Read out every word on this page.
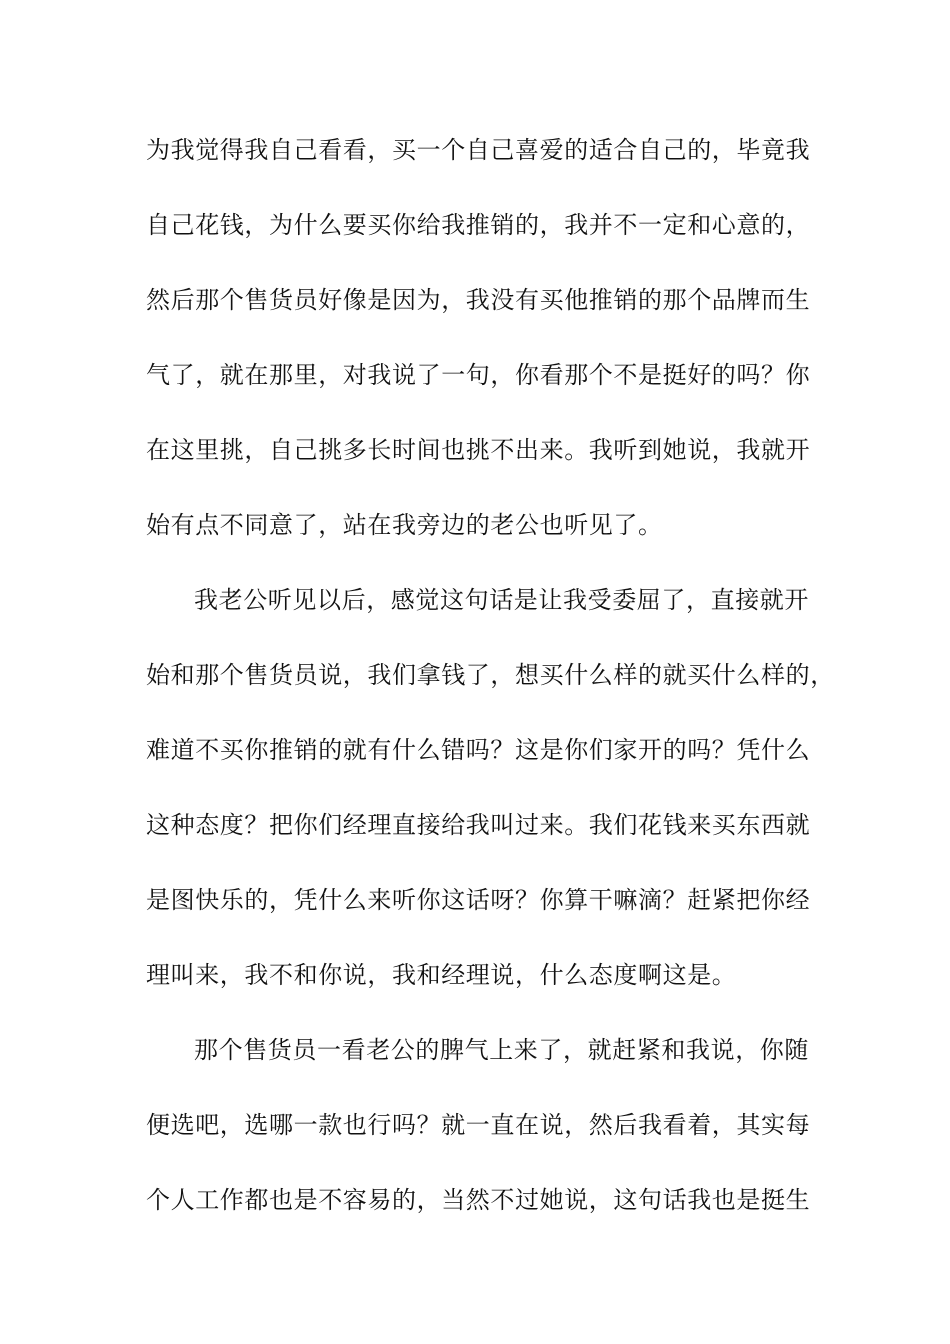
为我觉得我自己看看，买一个自己喜爱的适合自己的，毕竟我
自己花钱，为什么要买你给我推销的，我并不一定和心意的，
然后那个售货员好像是因为，我没有买他推销的那个品牌而生
气了，就在那里，对我说了一句，你看那个不是挺好的吗？你
在这里挑，自己挑多长时间也挑不出来。我听到她说，我就开
始有点不同意了，站在我旁边的老公也听见了。
我老公听见以后，感觉这句话是让我受委屈了，直接就开
始和那个售货员说，我们拿钱了，想买什么样的就买什么样的，
难道不买你推销的就有什么错吗？这是你们家开的吗？凭什么
这种态度？把你们经理直接给我叫过来。我们花钱来买东西就
是图快乐的，凭什么来听你这话呀？你算干嘛滴？赶紧把你经
理叫来，我不和你说，我和经理说，什么态度啊这是。
那个售货员一看老公的脾气上来了，就赶紧和我说，你随
便选吧，选哪一款也行吗？就一直在说，然后我看着，其实每
个人工作都也是不容易的，当然不过她说，这句话我也是挺生
